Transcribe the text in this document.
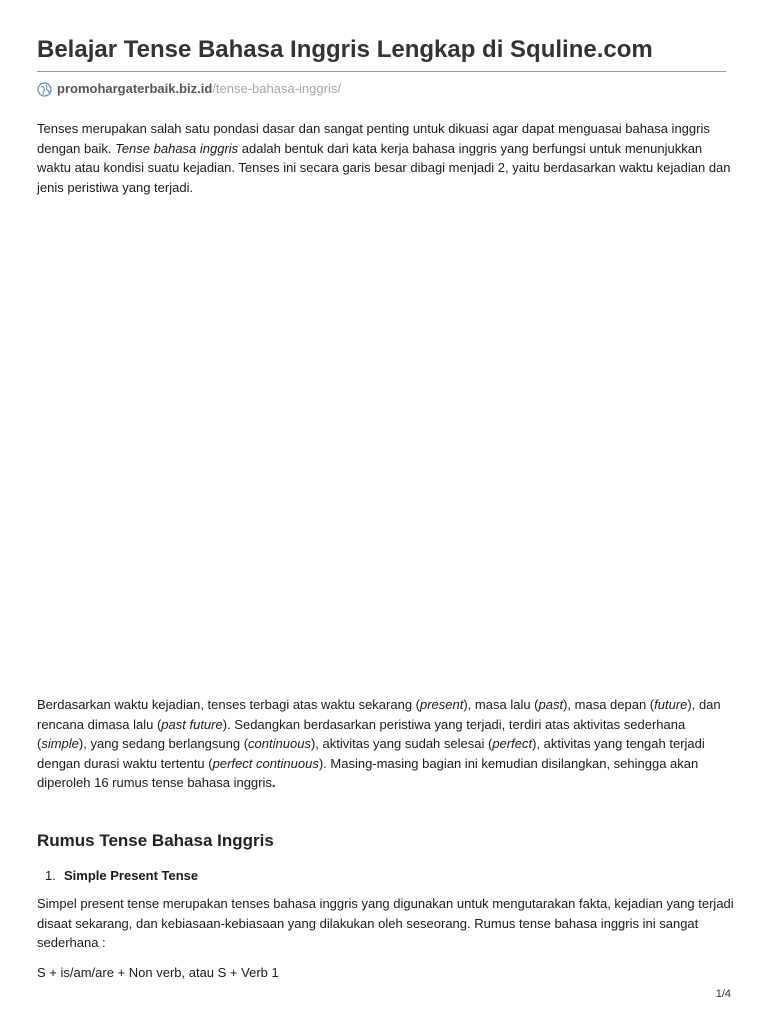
Belajar Tense Bahasa Inggris Lengkap di Squline.com
promohargaterbaik.biz.id /tense-bahasa-inggris/

Tenses merupakan salah satu pondasi dasar dan sangat penting untuk dikuasi agar dapat menguasai bahasa inggris dengan baik. Tense bahasa inggris adalah bentuk dari kata kerja bahasa inggris yang berfungsi untuk menunjukkan waktu atau kondisi suatu kejadian. Tenses ini secara garis besar dibagi menjadi 2, yaitu berdasarkan waktu kejadian dan jenis peristiwa yang terjadi.

Berdasarkan waktu kejadian, tenses terbagi atas waktu sekarang (present), masa lalu (past), masa depan (future), dan rencana dimasa lalu (past future). Sedangkan berdasarkan peristiwa yang terjadi, terdiri atas aktivitas sederhana (simple), yang sedang berlangsung (continuous), aktivitas yang sudah selesai (perfect), aktivitas yang tengah terjadi dengan durasi waktu tertentu (perfect continuous). Masing-masing bagian ini kemudian disilangkan, sehingga akan diperoleh 16 rumus tense bahasa inggris.

Rumus Tense Bahasa Inggris
1. Simple Present Tense

Simpel present tense merupakan tenses bahasa inggris yang digunakan untuk mengutarakan fakta, kejadian yang terjadi disaat sekarang, dan kebiasaan-kebiasaan yang dilakukan oleh seseorang. Rumus tense bahasa inggris ini sangat sederhana :

S + is/am/are + Non verb, atau S + Verb 1

1/4
